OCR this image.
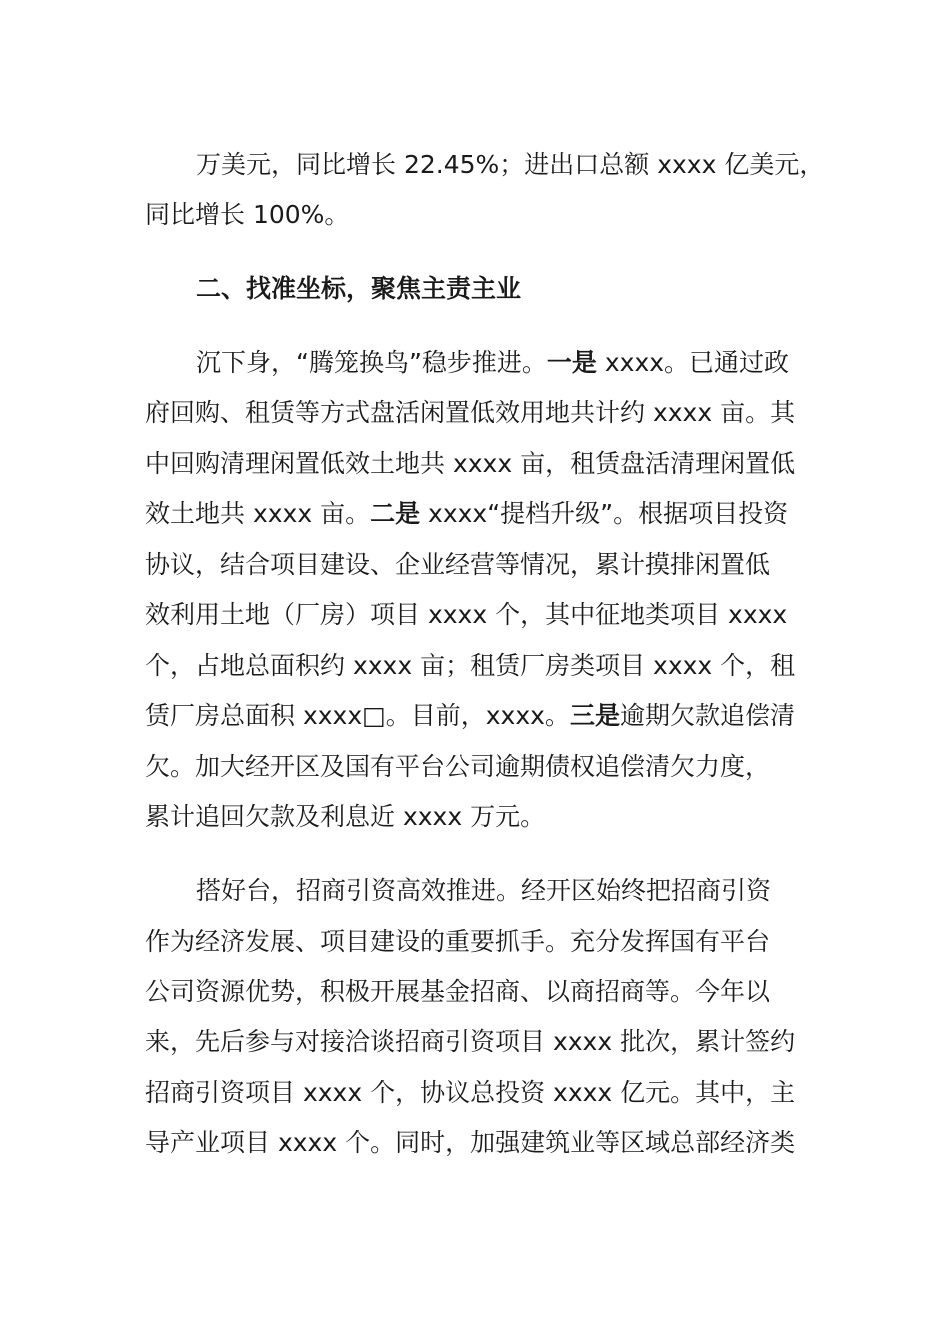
万美元，同比增长 22.45%；进出口总额 xxxx 亿美元，
同比增长 100%。
二、找准坐标，聚焦主责主业
沉下身，“腾笼换鸟”稳步推进。一是 xxxx。已通过政
府回购、租赁等方式盘活闲置低效用地共计约 xxxx 亩。其
中回购清理闲置低效土地共 xxxx 亩，租赁盘活清理闲置低
效土地共 xxxx 亩。二是 xxxx“提档升级”。根据项目投资
协议，结合项目建设、企业经营等情况，累计摸排闲置低
效利用土地（厂房）项目 xxxx 个，其中征地类项目 xxxx
个，占地总面积约 xxxx 亩；租赁厂房类项目 xxxx 个，租
赁厂房总面积 xxxx□。目前，xxxx。三是逾期欠款追偿清
欠。加大经开区及国有平台公司逾期债权追偿清欠力度，
累计追回欠款及利息近 xxxx 万元。
搭好台，招商引资高效推进。经开区始终把招商引资
作为经济发展、项目建设的重要抓手。充分发挥国有平台
公司资源优势，积极开展基金招商、以商招商等。今年以
来，先后参与对接洽谈招商引资项目 xxxx 批次，累计签约
招商引资项目 xxxx 个，协议总投资 xxxx 亿元。其中，主
导产业项目 xxxx 个。同时，加强建筑业等区域总部经济类
